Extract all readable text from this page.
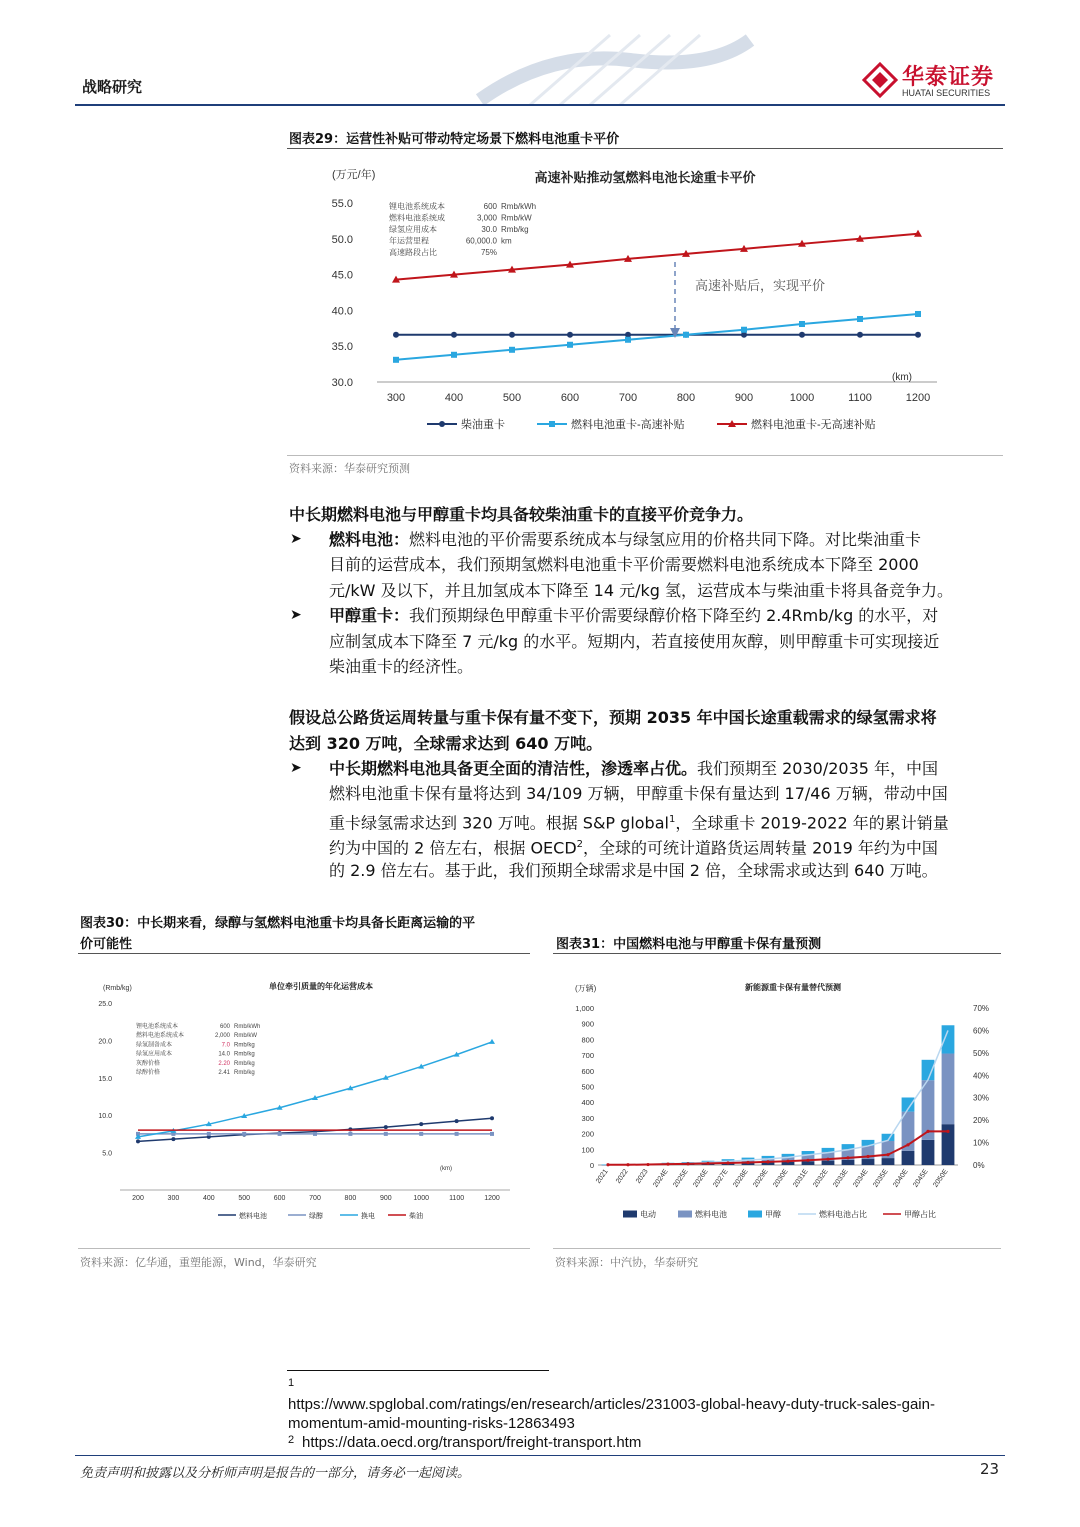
战略研究	华泰证券
HUATAI SECURITIES
图表29：运营性补贴可带动特定场景下燃料电池重卡平价
高速补贴推动氢燃料电池长途重卡平价
(万元/年)
55.0
50.0
45.0
40.0
35.0
30.0
300	400	500	600	700	800	900	1000	1100	1200
(km)
锂电池系统成本	600 Rmb/kWh
燃料电池系统成	3,000 Rmb/kW
绿氢应用成本	30.0 Rmb/kg
年运营里程	60,000.0 km
高速路段占比	75%
高速补贴后，实现平价
柴油重卡	燃料电池重卡-高速补贴	燃料电池重卡-无高速补贴
资料来源：华泰研究预测
中长期燃料电池与甲醇重卡均具备较柴油重卡的直接平价竞争力。
➤ 燃料电池：燃料电池的平价需要系统成本与绿氢应用的价格共同下降。对比柴油重卡
目前的运营成本，我们预期氢燃料电池重卡平价需要燃料电池系统成本下降至 2000
元/kW 及以下，并且加氢成本下降至 14 元/kg 氢，运营成本与柴油重卡将具备竞争力。
➤ 甲醇重卡：我们预期绿色甲醇重卡平价需要绿醇价格下降至约 2.4Rmb/kg 的水平，对
应制氢成本下降至 7 元/kg 的水平。短期内，若直接使用灰醇，则甲醇重卡可实现接近
柴油重卡的经济性。
假设总公路货运周转量与重卡保有量不变下，预期 2035 年中国长途重载需求的绿氢需求将
达到 320 万吨，全球需求达到 640 万吨。
➤ 中长期燃料电池具备更全面的清洁性，渗透率占优。我们预期至 2030/2035 年，中国
燃料电池重卡保有量将达到 34/109 万辆，甲醇重卡保有量达到 17/46 万辆，带动中国
重卡绿氢需求达到 320 万吨。根据 S&P global$^1$，全球重卡 2019-2022 年的累计销量
约为中国的 2 倍左右，根据 OECD$^2$，全球的可统计道路货运周转量 2019 年约为中国
的 2.9 倍左右。基于此，我们预期全球需求是中国 2 倍，全球需求或达到 640 万吨。
图表30：中长期来看，绿醇与氢燃料电池重卡均具备长距离运输的平
价可能性
单位牵引质量的年化运营成本
(Rmb/kg)
25.0
20.0
15.0
10.0
5.0
200	300	400	500	600	700	800	900	1000	1100	1200
(km)
锂电池系统成本	600 Rmb/kWh
燃料电池系统成本	2,000 Rmb/kW
绿氢制备成本	7.0 Rmb/kg
绿氢应用成本	14.0 Rmb/kg
灰醇价格	2.20 Rmb/kg
绿醇价格	2.41 Rmb/kg
燃料电池	绿醇	换电	柴油
资料来源：亿华通，重塑能源，Wind，华泰研究
图表31：中国燃料电池与甲醇重卡保有量预测
新能源重卡保有量替代预测
(万辆)
1,000
900
800
700
600
500
400
300
200
100
0
70%
60%
50%
40%
30%
20%
10%
0%
2021 2022 2023 2024E 2025E 2026E 2027E 2028E 2029E 2030E 2031E 2032E 2033E 2034E 2035E 2040E 2045E 2050E
电动	燃料电池	甲醇	燃料电池占比	甲醇占比
资料来源：中汽协，华泰研究
1
https://www.spglobal.com/ratings/en/research/articles/231003-global-heavy-duty-truck-sales-gain-
momentum-amid-mounting-risks-12863493
2 https://data.oecd.org/transport/freight-transport.htm
免责声明和披露以及分析师声明是报告的一部分，请务必一起阅读。	23
